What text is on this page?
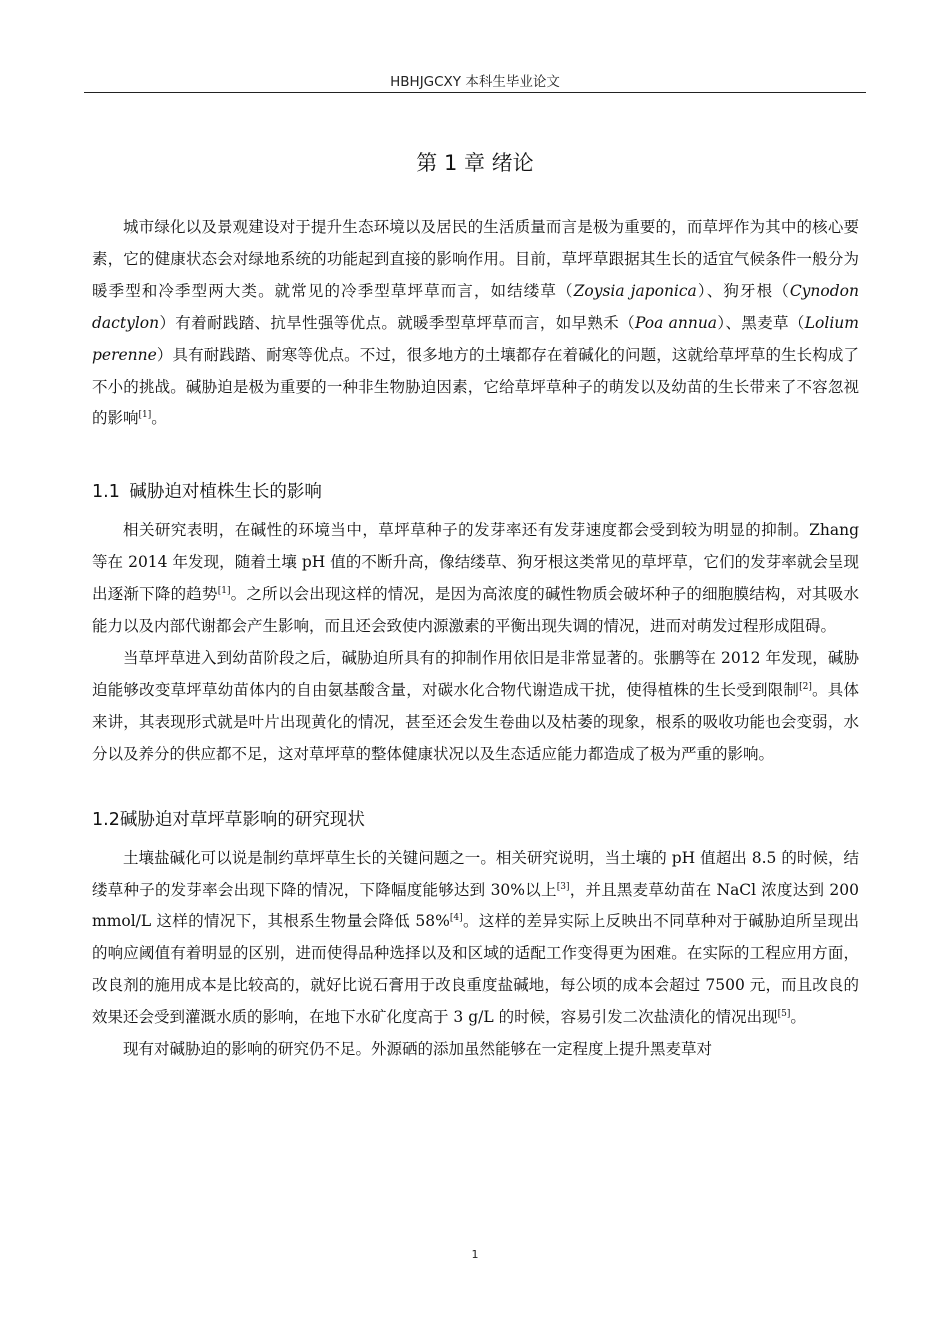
HBHJGCXY 本科生毕业论文
第 1 章 绪论

城市绿化以及景观建设对于提升生态环境以及居民的生活质量而言是极为重要的，而草坪作为其中的核心要素，它的健康状态会对绿地系统的功能起到直接的影响作用。目前，草坪草跟据其生长的适宜气候条件一般分为暖季型和冷季型两大类。就常见的冷季型草坪草而言，如结缕草（Zoysia japonica）、狗牙根（Cynodon dactylon）有着耐践踏、抗旱性强等优点。就暖季型草坪草而言，如早熟禾（Poa annua）、黑麦草（Lolium perenne）具有耐践踏、耐寒等优点。不过，很多地方的土壤都存在着碱化的问题，这就给草坪草的生长构成了不小的挑战。碱胁迫是极为重要的一种非生物胁迫因素，它给草坪草种子的萌发以及幼苗的生长带来了不容忽视的影响[1]。

1.1 碱胁迫对植株生长的影响

相关研究表明，在碱性的环境当中，草坪草种子的发芽率还有发芽速度都会受到较为明显的抑制。Zhang 等在 2014 年发现，随着土壤 pH 值的不断升高，像结缕草、狗牙根这类常见的草坪草，它们的发芽率就会呈现出逐渐下降的趋势[1]。之所以会出现这样的情况，是因为高浓度的碱性物质会破坏种子的细胞膜结构，对其吸水能力以及内部代谢都会产生影响，而且还会致使内源激素的平衡出现失调的情况，进而对萌发过程形成阻碍。

当草坪草进入到幼苗阶段之后，碱胁迫所具有的抑制作用依旧是非常显著的。张鹏等在 2012 年发现，碱胁迫能够改变草坪草幼苗体内的自由氨基酸含量，对碳水化合物代谢造成干扰，使得植株的生长受到限制[2]。具体来讲，其表现形式就是叶片出现黄化的情况，甚至还会发生卷曲以及枯萎的现象，根系的吸收功能也会变弱，水分以及养分的供应都不足，这对草坪草的整体健康状况以及生态适应能力都造成了极为严重的影响。

1.2碱胁迫对草坪草影响的研究现状

土壤盐碱化可以说是制约草坪草生长的关键问题之一。相关研究说明，当土壤的 pH 值超出 8.5 的时候，结缕草种子的发芽率会出现下降的情况，下降幅度能够达到 30%以上[3]，并且黑麦草幼苗在 NaCl 浓度达到 200 mmol/L 这样的情况下，其根系生物量会降低 58%[4]。这样的差异实际上反映出不同草种对于碱胁迫所呈现出的响应阈值有着明显的区别，进而使得品种选择以及和区域的适配工作变得更为困难。在实际的工程应用方面，改良剂的施用成本是比较高的，就好比说石膏用于改良重度盐碱地，每公顷的成本会超过 7500 元，而且改良的效果还会受到灌溉水质的影响，在地下水矿化度高于 3 g/L 的时候，容易引发二次盐渍化的情况出现[5]。

现有对碱胁迫的影响的研究仍不足。外源硒的添加虽然能够在一定程度上提升黑麦草对

1
